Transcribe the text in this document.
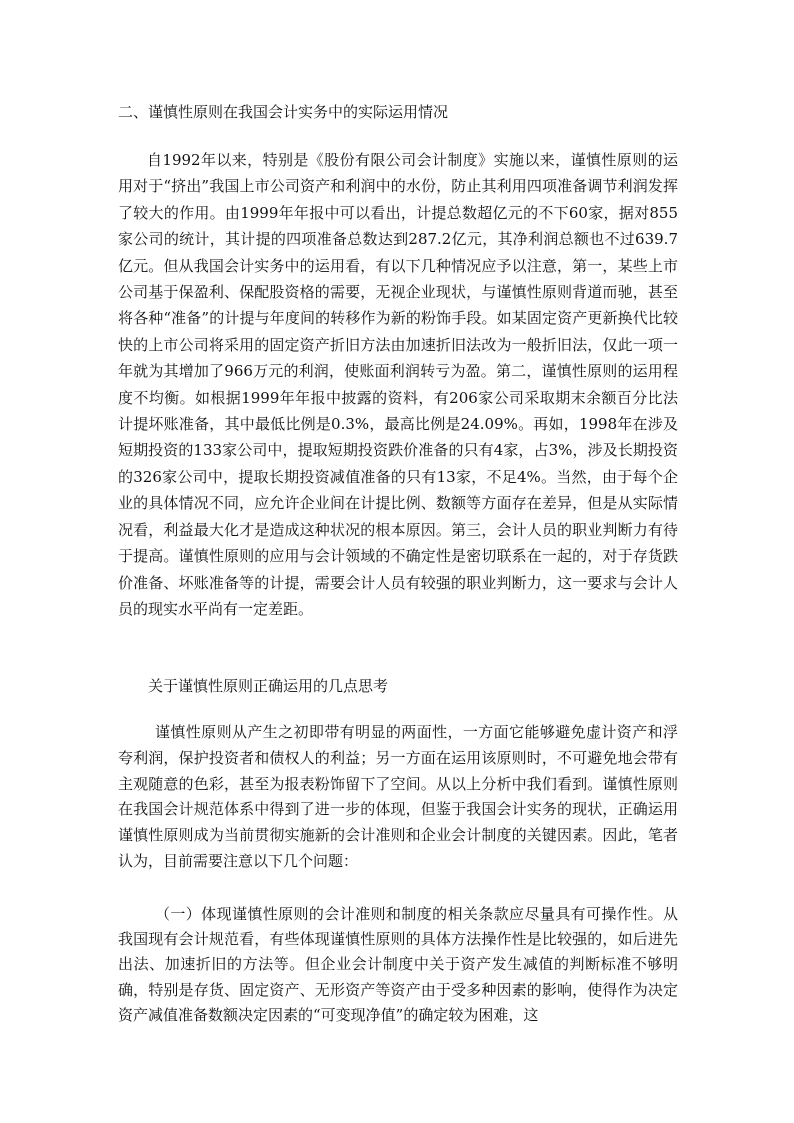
二、谨慎性原则在我国会计实务中的实际运用情况
自1992年以来，特别是《股份有限公司会计制度》实施以来，谨慎性原则的运用对于“挤出”我国上市公司资产和利润中的水份，防止其利用四项准备调节利润发挥了较大的作用。由1999年年报中可以看出，计提总数超亿元的不下60家，据对855家公司的统计，其计提的四项准备总数达到287.2亿元，其净利润总额也不过639.7亿元。但从我国会计实务中的运用看，有以下几种情况应予以注意，第一，某些上市公司基于保盈利、保配股资格的需要，无视企业现状，与谨慎性原则背道而驰，甚至将各种“准备”的计提与年度间的转移作为新的粉饰手段。如某固定资产更新换代比较快的上市公司将采用的固定资产折旧方法由加速折旧法改为一般折旧法，仅此一项一年就为其增加了966万元的利润，使账面利润转亏为盈。第二，谨慎性原则的运用程度不均衡。如根据1999年年报中披露的资料，有206家公司采取期末余额百分比法计提坏账准备，其中最低比例是0.3%，最高比例是24.09%。再如，1998年在涉及短期投资的133家公司中，提取短期投资跌价准备的只有4家，占3%，涉及长期投资的326家公司中，提取长期投资减值准备的只有13家，不足4%。当然，由于每个企业的具体情况不同，应允许企业间在计提比例、数额等方面存在差异，但是从实际情况看，利益最大化才是造成这种状况的根本原因。第三，会计人员的职业判断力有待于提高。谨慎性原则的应用与会计领域的不确定性是密切联系在一起的，对于存货跌价准备、坏账准备等的计提，需要会计人员有较强的职业判断力，这一要求与会计人员的现实水平尚有一定差距。
关于谨慎性原则正确运用的几点思考
谨慎性原则从产生之初即带有明显的两面性，一方面它能够避免虚计资产和浮夸利润，保护投资者和债权人的利益；另一方面在运用该原则时，不可避免地会带有主观随意的色彩，甚至为报表粉饰留下了空间。从以上分析中我们看到。谨慎性原则在我国会计规范体系中得到了进一步的体现，但鉴于我国会计实务的现状，正确运用谨慎性原则成为当前贯彻实施新的会计准则和企业会计制度的关键因素。因此，笔者认为，目前需要注意以下几个问题：
（一）体现谨慎性原则的会计准则和制度的相关条款应尽量具有可操作性。从我国现有会计规范看，有些体现谨慎性原则的具体方法操作性是比较强的，如后进先出法、加速折旧的方法等。但企业会计制度中关于资产发生减值的判断标准不够明确，特别是存货、固定资产、无形资产等资产由于受多种因素的影响，使得作为决定资产减值准备数额决定因素的“可变现净值”的确定较为困难，这
